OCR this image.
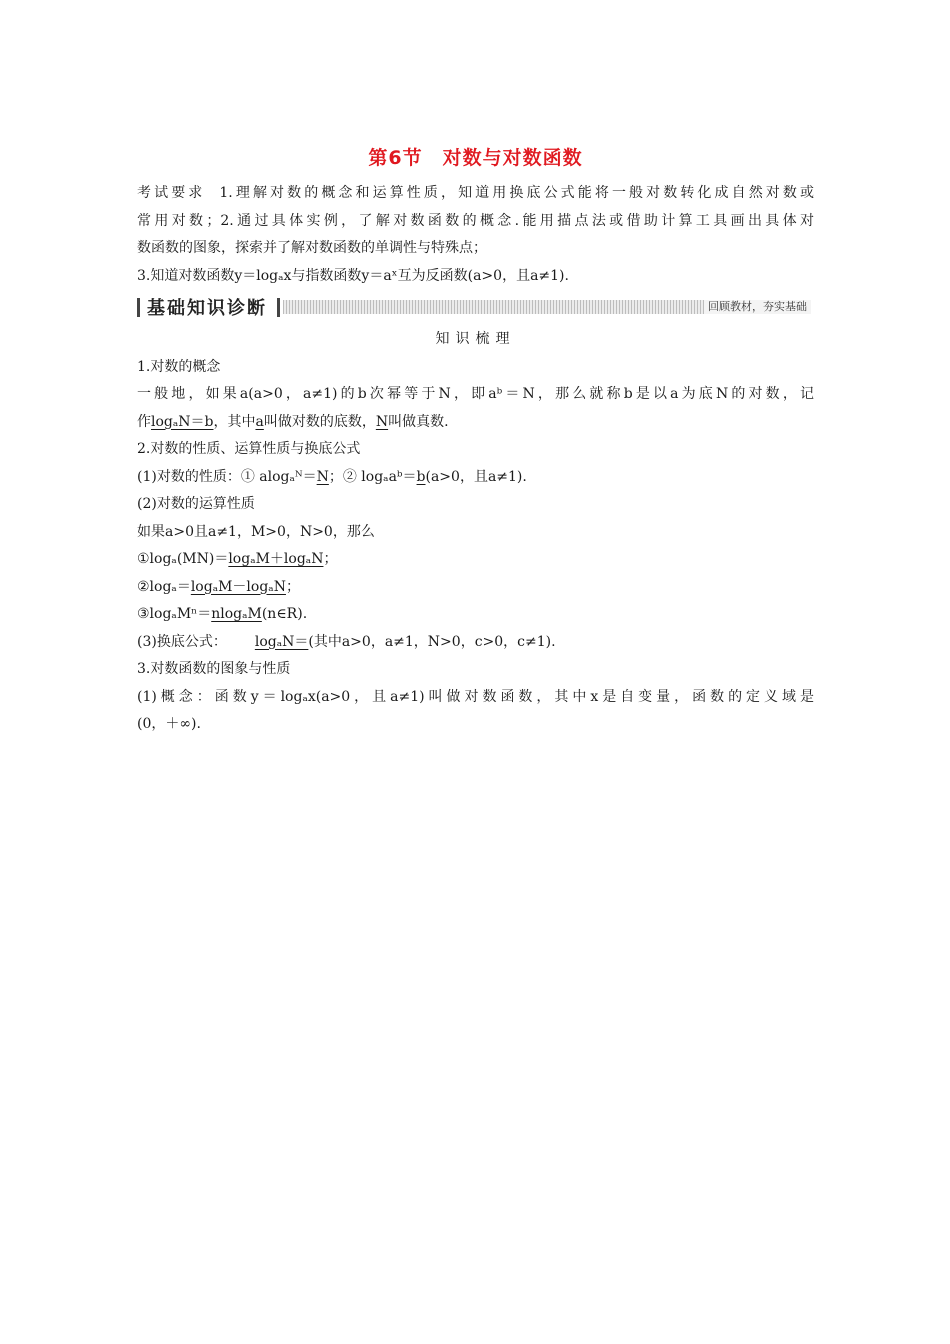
第6节　对数与对数函数
考试要求 1.理解对数的概念和运算性质，知道用换底公式能将一般对数转化成自然对数或
常用对数；2.通过具体实例，了解对数函数的概念.能用描点法或借助计算工具画出具体对
数函数的图象，探索并了解对数函数的单调性与特殊点；
3.知道对数函数y＝logₐx与指数函数y＝aˣ互为反函数(a>0，且a≠1).
基础知识诊断	回顾教材，夯实基础
知识梳理
1.对数的概念
一般地，如果a(a>0，a≠1)的b次幂等于N，即aᵇ＝N，那么就称b是以a为底N的对数，记
作logₐN＝b，其中a叫做对数的底数，N叫做真数.
2.对数的性质、运算性质与换底公式
(1)对数的性质：① alogₐᴺ＝N；② logₐaᵇ＝b(a>0，且a≠1).
(2)对数的运算性质
如果a>0且a≠1，M>0，N>0，那么
①logₐ(MN)＝logₐM＋logₐN；
②logₐ＝logₐM－logₐN；
③logₐMⁿ＝nlogₐM(n∈R).
(3)换底公式： logₐN＝(其中a>0，a≠1，N>0，c>0，c≠1).
3.对数函数的图象与性质
(1)概念：函数y＝logₐx(a>0，且a≠1)叫做对数函数，其中x是自变量，函数的定义域是
(0，＋∞).
